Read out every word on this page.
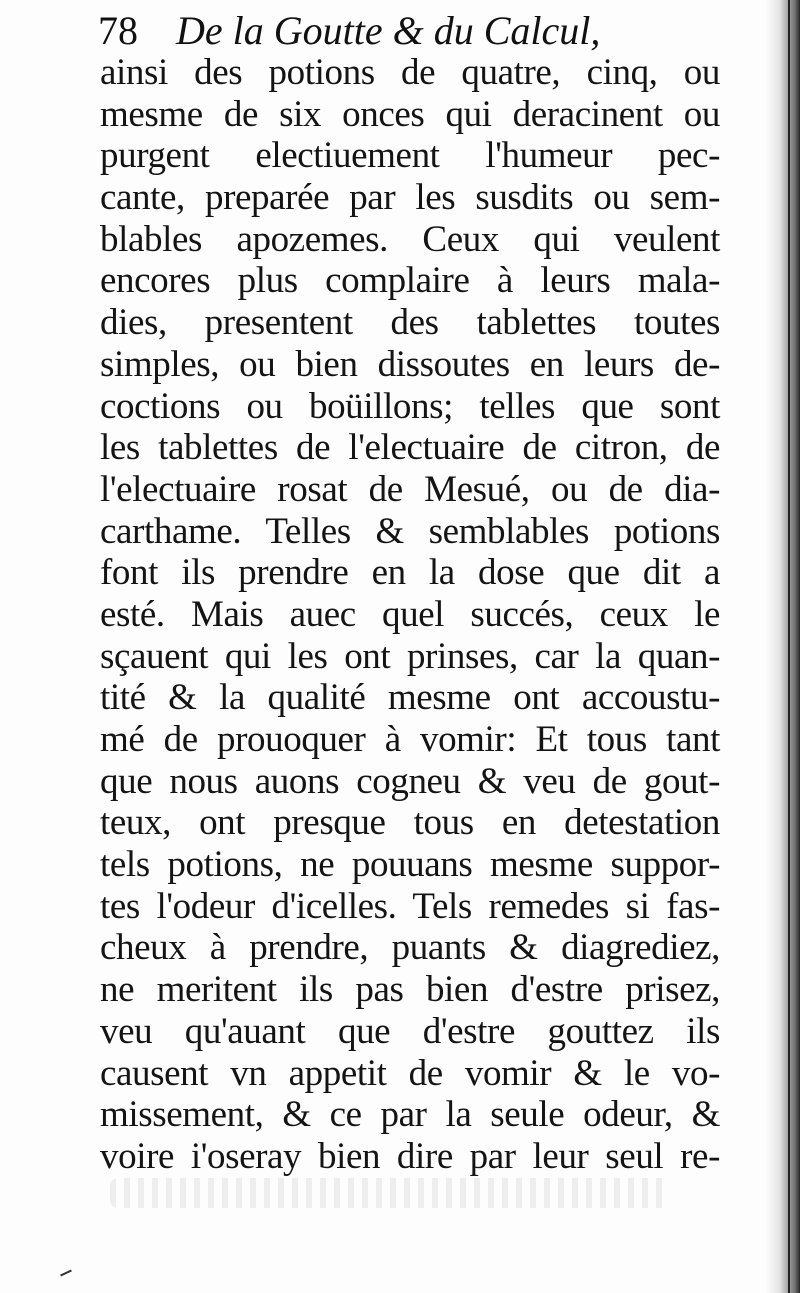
78 De la Goutte & du Calcul,
ainsi des potions de quatre, cinq, ou
mesme de six onces qui deracinent ou
purgent electiuement l'humeur pec-
cante, preparée par les susdits ou sem-
blables apozemes. Ceux qui veulent
encores plus complaire à leurs mala-
dies, presentent des tablettes toutes
simples, ou bien dissoutes en leurs de-
coctions ou boüillons; telles que sont
les tablettes de l'electuaire de citron, de
l'electuaire rosat de Mesué, ou de dia-
carthame. Telles & semblables potions
font ils prendre en la dose que dit a
esté. Mais auec quel succés, ceux le
sçauent qui les ont prinses, car la quan-
tité & la qualité mesme ont accoustu-
mé de prouoquer à vomir: Et tous tant
que nous auons cogneu & veu de gout-
teux, ont presque tous en detestation
tels potions, ne pouuans mesme suppor-
tes l'odeur d'icelles. Tels remedes si fas-
cheux à prendre, puants & diagrediez,
ne meritent ils pas bien d'estre prisez,
veu qu'auant que d'estre gouttez ils
causent vn appetit de vomir & le vo-
missement, & ce par la seule odeur, &
voire i'oseray bien dire par leur seul re-
